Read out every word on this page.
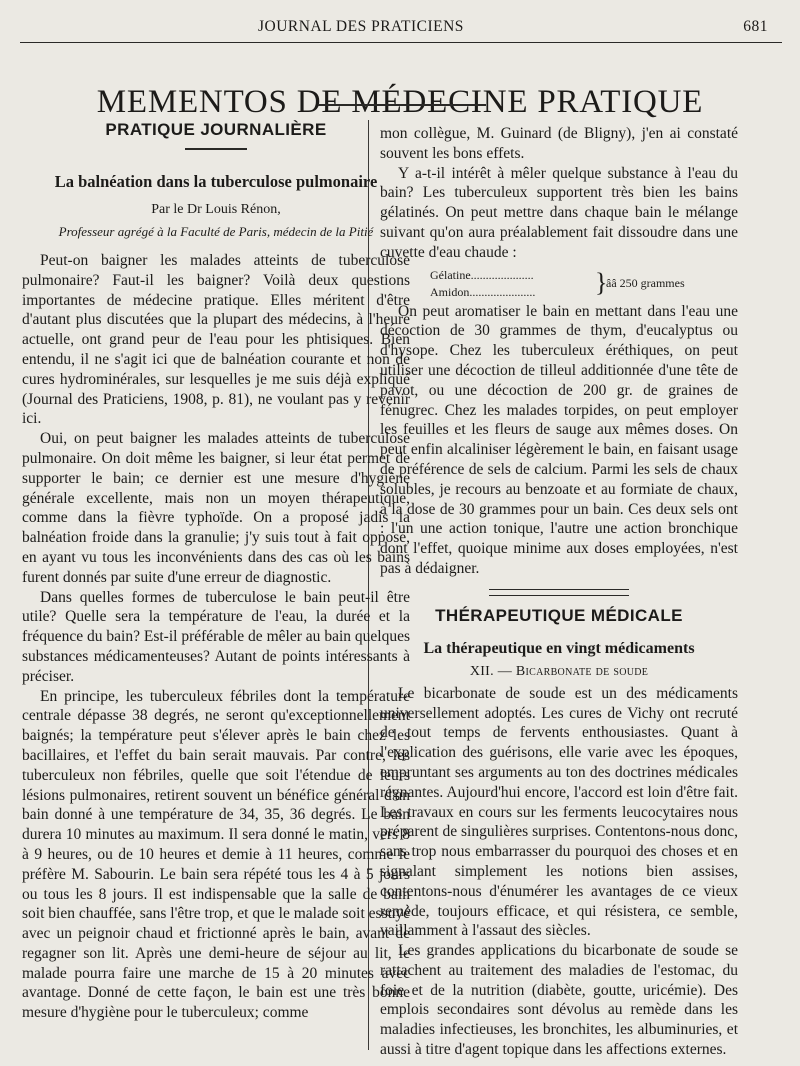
JOURNAL DES PRATICIENS	681
MEMENTOS DE MÉDECINE PRATIQUE
PRATIQUE JOURNALIÈRE
La balnéation dans la tuberculose pulmonaire

Par le Dr Louis Rénon,

Professeur agrégé à la Faculté de Paris, médecin de la Pitié

Peut-on baigner les malades atteints de tuberculose pulmonaire? Faut-il les baigner? Voilà deux questions importantes de médecine pratique. Elles méritent d'être d'autant plus discutées que la plupart des médecins, à l'heure actuelle, ont grand peur de l'eau pour les phtisiques. Bien entendu, il ne s'agit ici que de balnéation courante et non de cures hydrominérales, sur lesquelles je me suis déjà expliqué (Journal des Praticiens, 1908, p. 81), ne voulant pas y revenir ici.

Oui, on peut baigner les malades atteints de tuberculose pulmonaire. On doit même les baigner, si leur état permet de supporter le bain; ce dernier est une mesure d'hygiène générale excellente, mais non un moyen thérapeutique, comme dans la fièvre typhoïde. On a proposé jadis la balnéation froide dans la granulie; j'y suis tout à fait opposé, en ayant vu tous les inconvénients dans des cas où les bains furent donnés par suite d'une erreur de diagnostic.

Dans quelles formes de tuberculose le bain peut-il être utile? Quelle sera la température de l'eau, la durée et la fréquence du bain? Est-il préférable de mêler au bain quelques substances médicamenteuses? Autant de points intéressants à préciser.

En principe, les tuberculeux fébriles dont la température centrale dépasse 38 degrés, ne seront qu'exceptionnellement baignés; la température peut s'élever après le bain chez les bacillaires, et l'effet du bain serait mauvais. Par contre, les tuberculeux non fébriles, quelle que soit l'étendue de leurs lésions pulmonaires, retirent souvent un bénéfice général d'un bain donné à une température de 34, 35, 36 degrés. Le bain durera 10 minutes au maximum. Il sera donné le matin, vers 8 à 9 heures, ou de 10 heures et demie à 11 heures, comme le préfère M. Sabourin. Le bain sera répété tous les 4 à 5 jours ou tous les 8 jours. Il est indispensable que la salle de bain soit bien chauffée, sans l'être trop, et que le malade soit essuyé avec un peignoir chaud et frictionné après le bain, avant de regagner son lit. Après une demi-heure de séjour au lit, le malade pourra faire une marche de 15 à 20 minutes avec avantage. Donné de cette façon, le bain est une très bonne mesure d'hygiène pour le tuberculeux; comme

mon collègue, M. Guinard (de Bligny), j'en ai constaté souvent les bons effets.

Y a-t-il intérêt à mêler quelque substance à l'eau du bain? Les tuberculeux supportent très bien les bains gélatinés. On peut mettre dans chaque bain le mélange suivant qu'on aura préalablement fait dissoudre dans une cuvette d'eau chaude :

Gélatine.....................
Amidon...................... }
ââ 250 grammes

On peut aromatiser le bain en mettant dans l'eau une décoction de 30 grammes de thym, d'eucalyptus ou d'hysope. Chez les tuberculeux éréthiques, on peut utiliser une décoction de tilleul additionnée d'une tête de pavot, ou une décoction de 200 gr. de graines de fénugrec. Chez les malades torpides, on peut employer les feuilles et les fleurs de sauge aux mêmes doses. On peut enfin alcaliniser légèrement le bain, en faisant usage de préférence de sels de calcium. Parmi les sels de chaux solubles, je recours au benzoate et au formiate de chaux, à la dose de 30 grammes pour un bain. Ces deux sels ont : l'un une action tonique, l'autre une action bronchique dont l'effet, quoique minime aux doses employées, n'est pas à dédaigner.

THÉRAPEUTIQUE MÉDICALE
La thérapeutique en vingt médicaments

XII. — Bicarbonate de soude

Le bicarbonate de soude est un des médicaments universellement adoptés. Les cures de Vichy ont recruté de tout temps de fervents enthousiastes. Quant à l'explication des guérisons, elle varie avec les époques, empruntant ses arguments au ton des doctrines médicales régnantes. Aujourd'hui encore, l'accord est loin d'être fait. Les travaux en cours sur les ferments leucocytaires nous préparent de singulières surprises. Contentons-nous donc, sans trop nous embarrasser du pourquoi des choses et en signalant simplement les notions bien assises, contentons-nous d'énumérer les avantages de ce vieux remède, toujours efficace, et qui résistera, ce semble, vaillamment à l'assaut des siècles.

Les grandes applications du bicarbonate de soude se rattachent au traitement des maladies de l'estomac, du foie et de la nutrition (diabète, goutte, uricémie). Des emplois secondaires sont dévolus au remède dans les maladies infectieuses, les bronchites, les albuminuries, et aussi à titre d'agent topique dans les affections externes.
